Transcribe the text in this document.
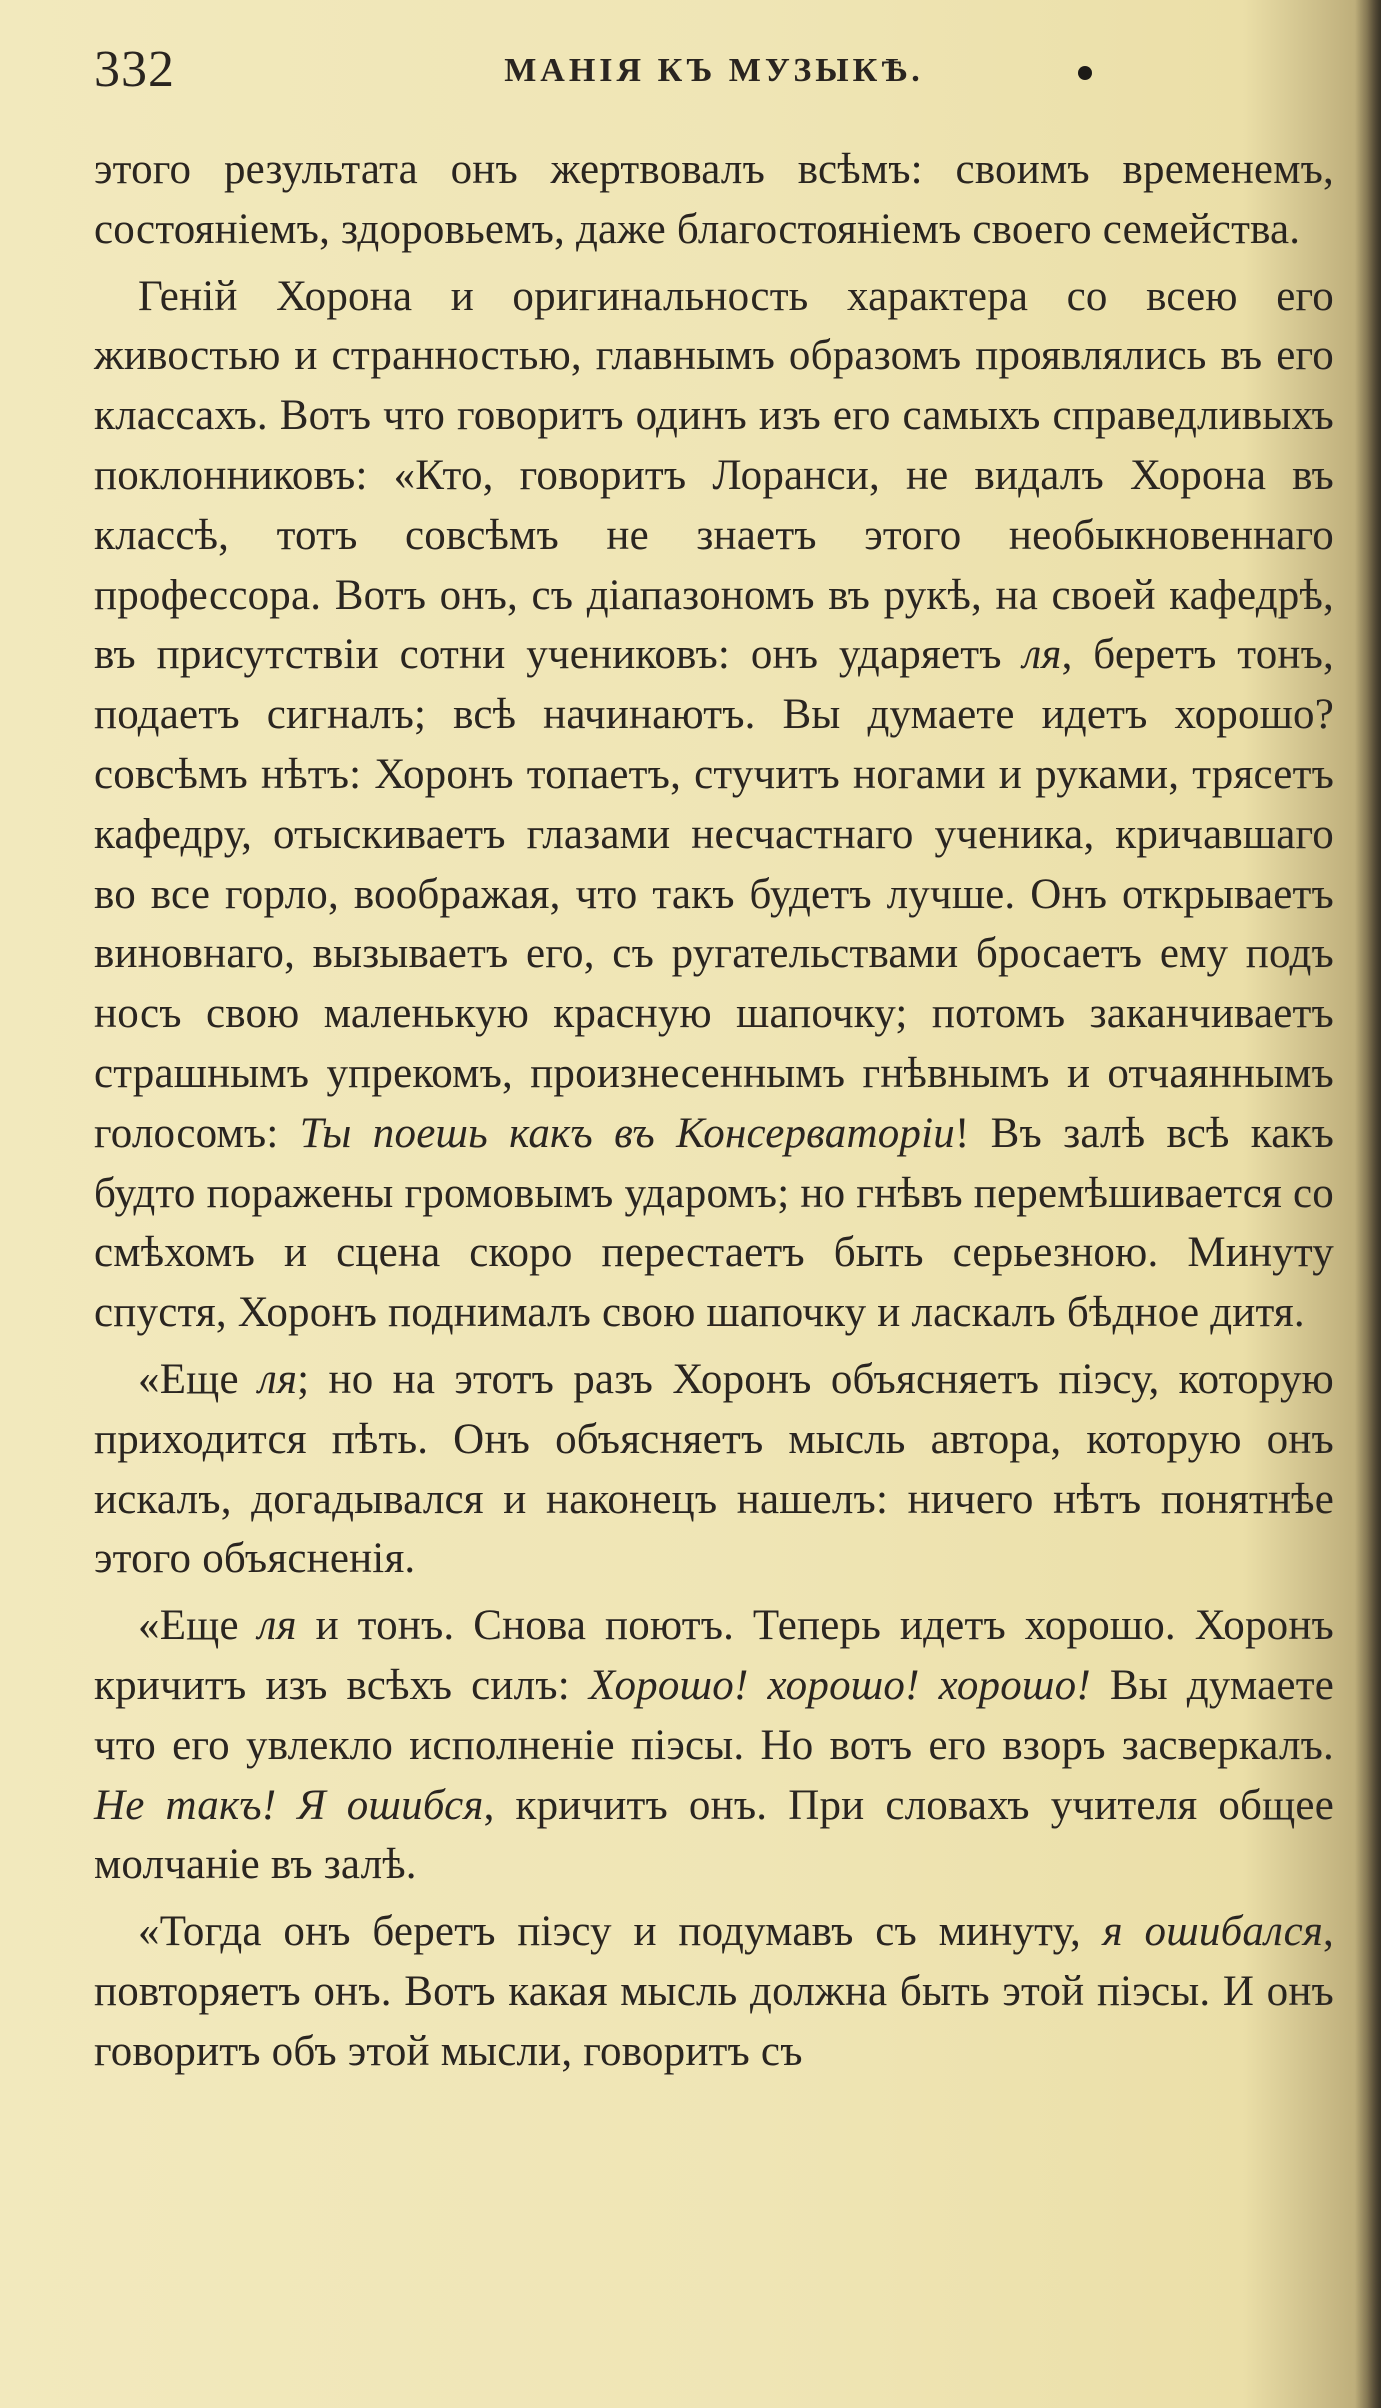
332	МАНІЯ КЪ МУЗЫКѢ.

этого результата онъ жертвовалъ всѣмъ: своимъ временемъ, состояніемъ, здоровьемъ, даже благостояніемъ своего семейства.

Геній Хорона и оригинальность характера со всею его живостью и странностью, главнымъ образомъ проявлялись въ его классахъ. Вотъ что говоритъ одинъ изъ его самыхъ справедливыхъ поклонниковъ: «Кто, говоритъ Лоранси, не видалъ Хорона въ классѣ, тотъ совсѣмъ не знаетъ этого необыкновеннаго профессора. Вотъ онъ, съ діапазономъ въ рукѣ, на своей кафедрѣ, въ присутствіи сотни учениковъ: онъ ударяетъ ля, беретъ тонъ, подаетъ сигналъ; всѣ начинаютъ. Вы думаете идетъ хорошо? совсѣмъ нѣтъ: Хоронъ топаетъ, стучитъ ногами и руками, трясетъ кафедру, отыскиваетъ глазами несчастнаго ученика, кричавшаго во все горло, воображая, что такъ будетъ лучше. Онъ открываетъ виновнаго, вызываетъ его, съ ругательствами бросаетъ ему подъ носъ свою маленькую красную шапочку; потомъ заканчиваетъ страшнымъ упрекомъ, произнесеннымъ гнѣвнымъ и отчаяннымъ голосомъ: Ты поешь какъ въ Консерваторіи! Въ залѣ всѣ какъ будто поражены громовымъ ударомъ; но гнѣвъ перемѣшивается со смѣхомъ и сцена скоро перестаетъ быть серьезною. Минуту спустя, Хоронъ поднималъ свою шапочку и ласкалъ бѣдное дитя.

«Еще ля; но на этотъ разъ Хоронъ объясняетъ піэсу, которую приходится пѣть. Онъ объясняетъ мысль автора, которую онъ искалъ, догадывался и наконецъ нашелъ: ничего нѣтъ понятнѣе этого объясненія.

«Еще ля и тонъ. Снова поютъ. Теперь идетъ хорошо. Хоронъ кричитъ изъ всѣхъ силъ: Хорошо! хорошо! хорошо! Вы думаете что его увлекло исполненіе піэсы. Но вотъ его взоръ засверкалъ. Не такъ! Я ошибся, кричитъ онъ. При словахъ учителя общее молчаніе въ залѣ.

«Тогда онъ беретъ піэсу и подумавъ съ минуту, я ошибался, повторяетъ онъ. Вотъ какая мысль должна быть этой піэсы. И онъ говоритъ объ этой мысли, говоритъ съ
